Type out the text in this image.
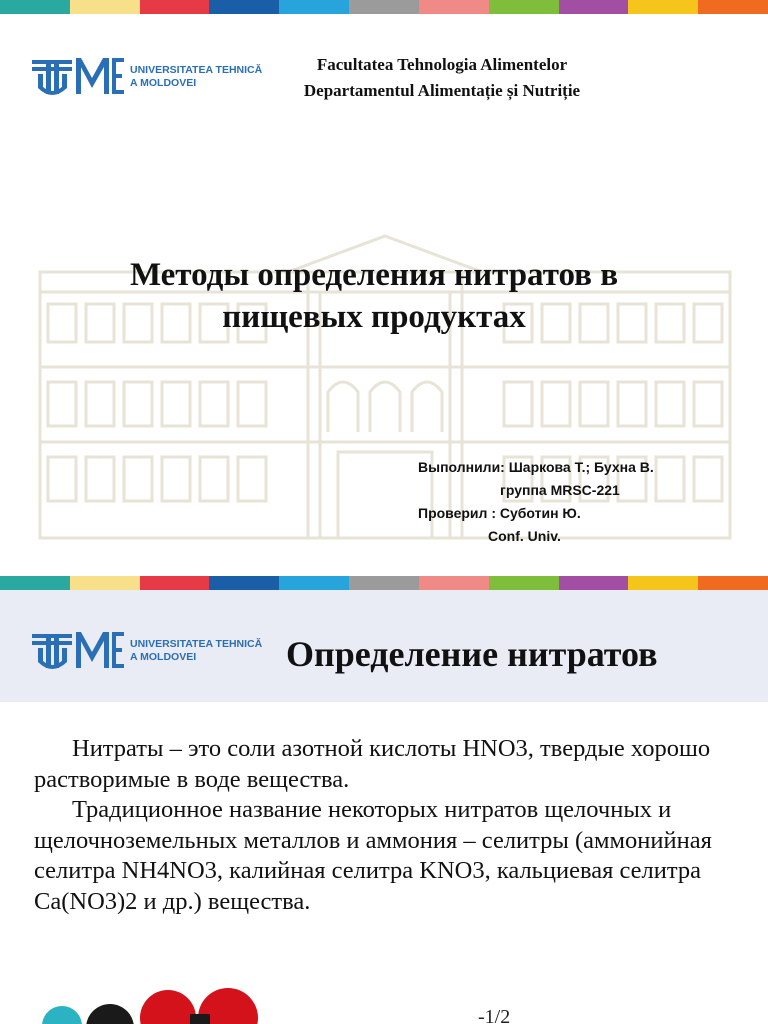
UNIVERSITATEA TEHNICĂ
A MOLDOVEI
Facultatea Tehnologia Alimentelor
Departamentul Alimentație și Nutriție
Методы определения нитратов в
пищевых продуктах
Выполнили: Шаркова Т.; Бухна В.
группа MRSC-221
Проверил : Суботин Ю.
Conf. Univ.
UNIVERSITATEA TEHNICĂ
A MOLDOVEI	Определение нитратов

Нитраты – это соли азотной кислоты HNO3, твердые хорошо растворимые в воде вещества.

Традиционное название некоторых нитратов щелочных и щелочноземельных металлов и аммония – селитры (аммонийная селитра NH4NO3, калийная селитра KNO3, кальциевая селитра Ca(NO3)2 и др.) вещества.

-1/2
